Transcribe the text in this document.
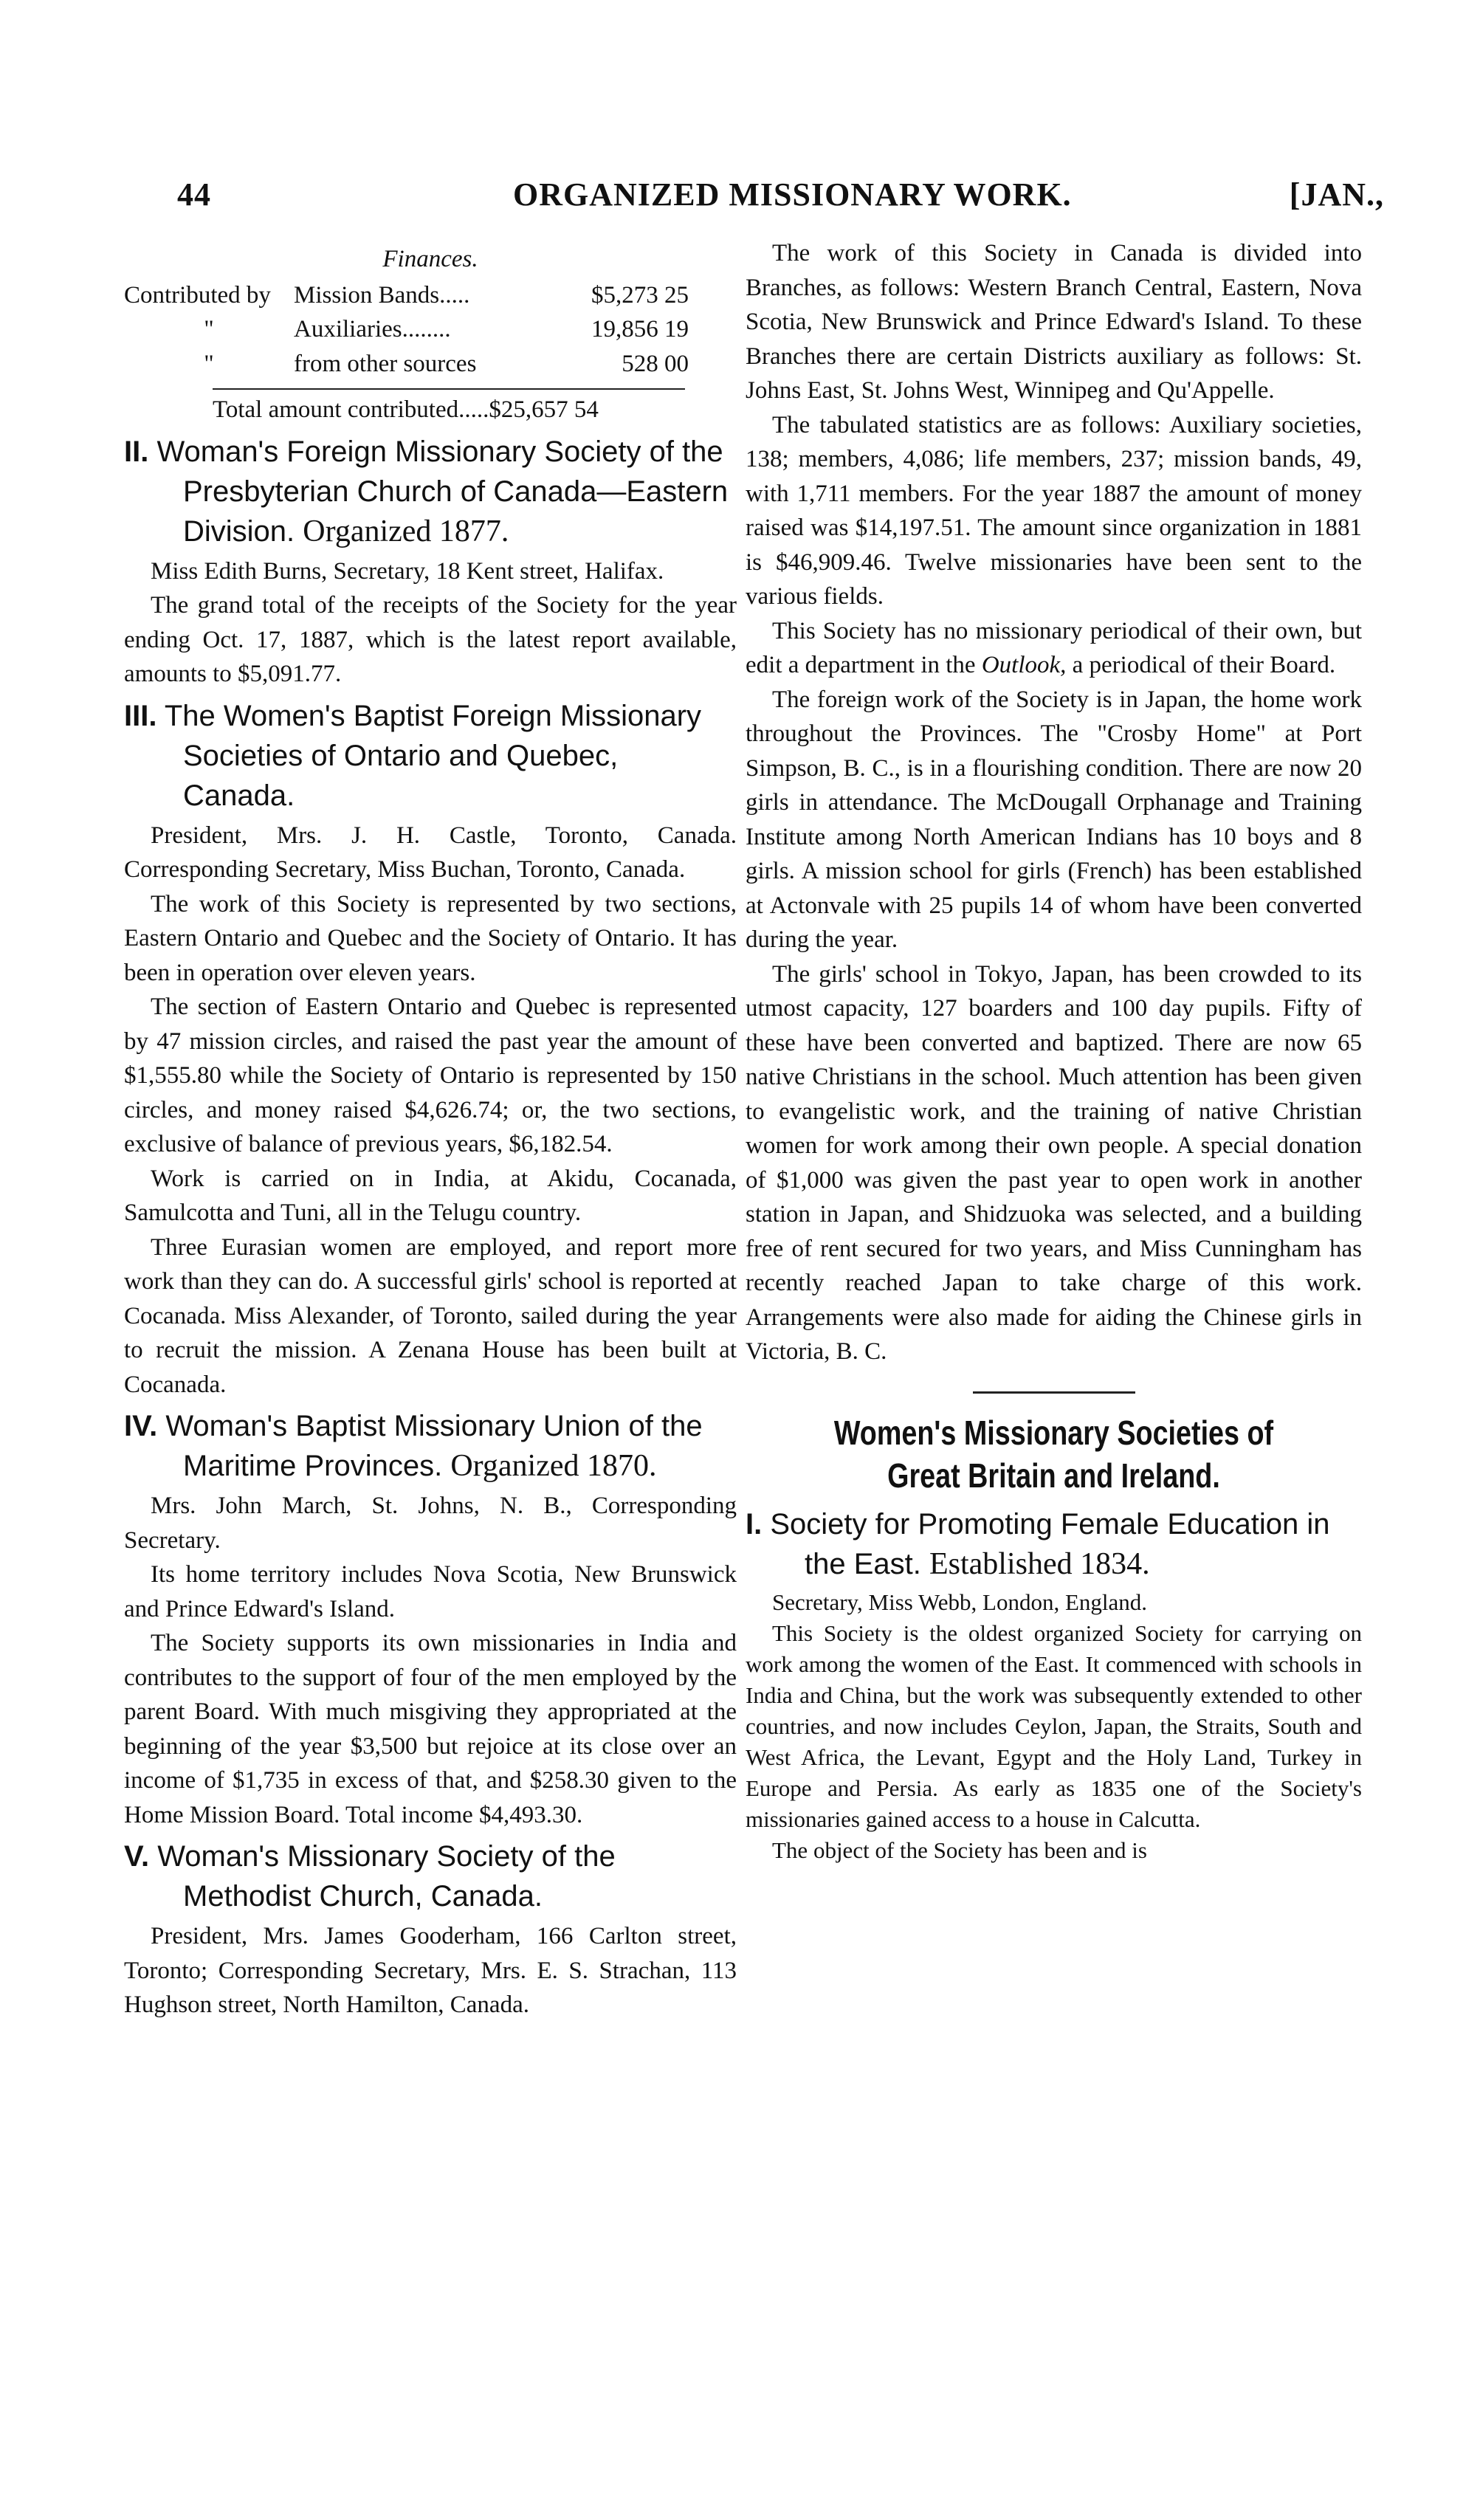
44	ORGANIZED MISSIONARY WORK.	[JAN.,
Finances.
Contributed by Mission Bands.....	$5,273 25
"	Auxiliaries........	19,856 19
"	from other sources	528 00
Total amount contributed.....$25,657 54
II. Woman's Foreign Missionary Society of the Presbyterian Church of Canada—Eastern Division. Organized 1877.

Miss Edith Burns, Secretary, 18 Kent street, Halifax.

The grand total of the receipts of the Society for the year ending Oct. 17, 1887, which is the latest report available, amounts to $5,091.77.

III. The Women's Baptist Foreign Missionary Societies of Ontario and Quebec, Canada.

President, Mrs. J. H. Castle, Toronto, Canada. Corresponding Secretary, Miss Buchan, Toronto, Canada.

The work of this Society is represented by two sections, Eastern Ontario and Quebec and the Society of Ontario. It has been in operation over eleven years.

The section of Eastern Ontario and Quebec is represented by 47 mission circles, and raised the past year the amount of $1,555.80 while the Society of Ontario is represented by 150 circles, and money raised $4,626.74; or, the two sections, exclusive of balance of previous years, $6,182.54.

Work is carried on in India, at Akidu, Cocanada, Samulcotta and Tuni, all in the Telugu country.

Three Eurasian women are employed, and report more work than they can do. A successful girls' school is reported at Cocanada. Miss Alexander, of Toronto, sailed during the year to recruit the mission. A Zenana House has been built at Cocanada.

IV. Woman's Baptist Missionary Union of the Maritime Provinces. Organized 1870.

Mrs. John March, St. Johns, N. B., Corresponding Secretary.

Its home territory includes Nova Scotia, New Brunswick and Prince Edward's Island.

The Society supports its own missionaries in India and contributes to the support of four of the men employed by the parent Board. With much misgiving they appropriated at the beginning of the year $3,500 but rejoice at its close over an income of $1,735 in excess of that, and $258.30 given to the Home Mission Board. Total income $4,493.30.

V. Woman's Missionary Society of the Methodist Church, Canada.

President, Mrs. James Gooderham, 166 Carlton street, Toronto; Corresponding Secretary, Mrs. E. S. Strachan, 113 Hughson street, North Hamilton, Canada.

The work of this Society in Canada is divided into Branches, as follows: Western Branch Central, Eastern, Nova Scotia, New Brunswick and Prince Edward's Island. To these Branches there are certain Districts auxiliary as follows: St. Johns East, St. Johns West, Winnipeg and Qu'Appelle.

The tabulated statistics are as follows: Auxiliary societies, 138; members, 4,086; life members, 237; mission bands, 49, with 1,711 members. For the year 1887 the amount of money raised was $14,197.51. The amount since organization in 1881 is $46,909.46. Twelve missionaries have been sent to the various fields.

This Society has no missionary periodical of their own, but edit a department in the Outlook, a periodical of their Board.

The foreign work of the Society is in Japan, the home work throughout the Provinces. The "Crosby Home" at Port Simpson, B. C., is in a flourishing condition. There are now 20 girls in attendance. The McDougall Orphanage and Training Institute among North American Indians has 10 boys and 8 girls. A mission school for girls (French) has been established at Actonvale with 25 pupils 14 of whom have been converted during the year.

The girls' school in Tokyo, Japan, has been crowded to its utmost capacity, 127 boarders and 100 day pupils. Fifty of these have been converted and baptized. There are now 65 native Christians in the school. Much attention has been given to evangelistic work, and the training of native Christian women for work among their own people. A special donation of $1,000 was given the past year to open work in another station in Japan, and Shidzuoka was selected, and a building free of rent secured for two years, and Miss Cunningham has recently reached Japan to take charge of this work. Arrangements were also made for aiding the Chinese girls in Victoria, B. C.

Women's Missionary Societies of Great Britain and Ireland.
I. Society for Promoting Female Education in the East. Established 1834.

Secretary, Miss Webb, London, England.

This Society is the oldest organized Society for carrying on work among the women of the East. It commenced with schools in India and China, but the work was subsequently extended to other countries, and now includes Ceylon, Japan, the Straits, South and West Africa, the Levant, Egypt and the Holy Land, Turkey in Europe and Persia. As early as 1835 one of the Society's missionaries gained access to a house in Calcutta.

The object of the Society has been and is
